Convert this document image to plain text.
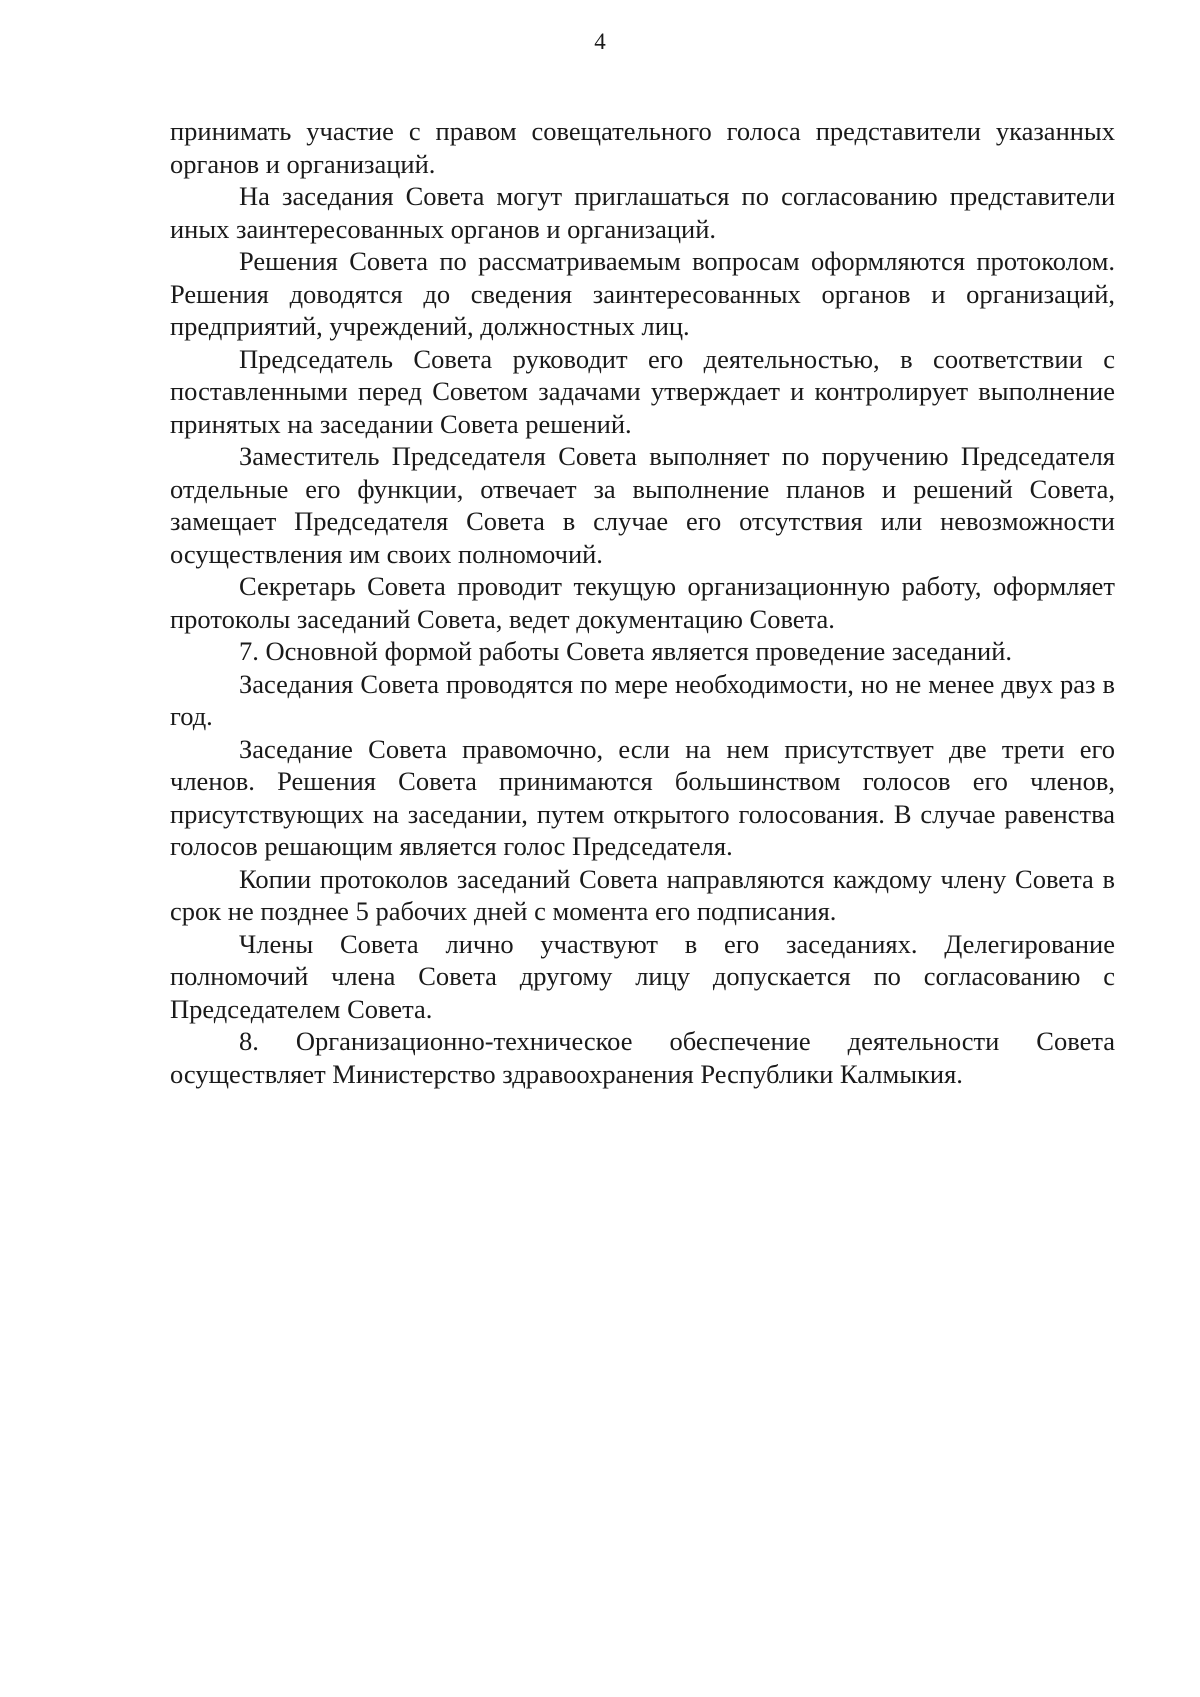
4

принимать участие с правом совещательного голоса представители указанных органов и организаций.

На заседания Совета могут приглашаться по согласованию представители иных заинтересованных органов и организаций.

Решения Совета по рассматриваемым вопросам оформляются протоколом. Решения доводятся до сведения заинтересованных органов и организаций, предприятий, учреждений, должностных лиц.

Председатель Совета руководит его деятельностью, в соответствии с поставленными перед Советом задачами утверждает и контролирует выполнение принятых на заседании Совета решений.

Заместитель Председателя Совета выполняет по поручению Председателя отдельные его функции, отвечает за выполнение планов и решений Совета, замещает Председателя Совета в случае его отсутствия или невозможности осуществления им своих полномочий.

Секретарь Совета проводит текущую организационную работу, оформляет протоколы заседаний Совета, ведет документацию Совета.

7. Основной формой работы Совета является проведение заседаний.

Заседания Совета проводятся по мере необходимости, но не менее двух раз в год.

Заседание Совета правомочно, если на нем присутствует две трети его членов. Решения Совета принимаются большинством голосов его членов, присутствующих на заседании, путем открытого голосования. В случае равенства голосов решающим является голос Председателя.

Копии протоколов заседаний Совета направляются каждому члену Совета в срок не позднее 5 рабочих дней с момента его подписания.

Члены Совета лично участвуют в его заседаниях. Делегирование полномочий члена Совета другому лицу допускается по согласованию с Председателем Совета.

8. Организационно-техническое обеспечение деятельности Совета осуществляет Министерство здравоохранения Республики Калмыкия.
